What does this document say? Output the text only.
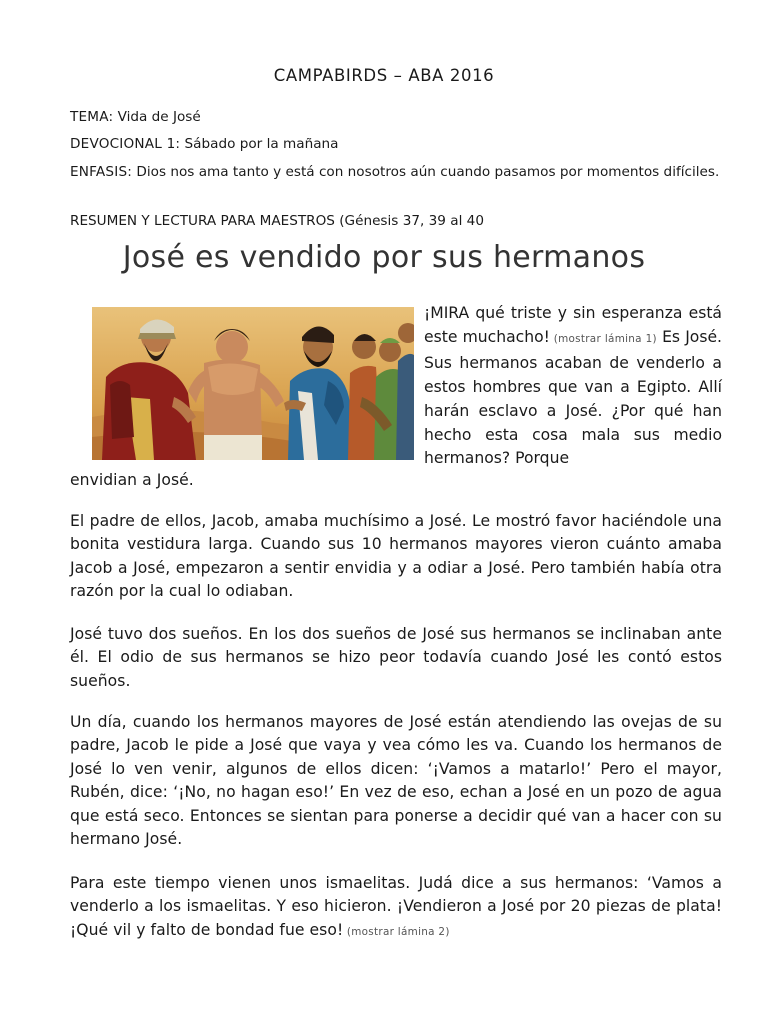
CAMPABIRDS – ABA 2016
TEMA: Vida de José
DEVOCIONAL 1: Sábado por la mañana
ENFASIS: Dios nos ama tanto y está con nosotros aún cuando pasamos por momentos difíciles.
RESUMEN Y LECTURA PARA MAESTROS (Génesis 37, 39 al 40
José es vendido por sus hermanos
¡MIRA qué triste y sin esperanza está este muchacho! (mostrar lámina 1) Es José. Sus hermanos acaban de venderlo a estos hombres que van a Egipto. Allí harán esclavo a José. ¿Por qué han hecho esta cosa mala sus medio hermanos? Porque
envidian a José.
El padre de ellos, Jacob, amaba muchísimo a José. Le mostró favor haciéndole una bonita vestidura larga. Cuando sus 10 hermanos mayores vieron cuánto amaba Jacob a José, empezaron a sentir envidia y a odiar a José. Pero también había otra razón por la cual lo odiaban.
José tuvo dos sueños. En los dos sueños de José sus hermanos se inclinaban ante él. El odio de sus hermanos se hizo peor todavía cuando José les contó estos sueños.
Un día, cuando los hermanos mayores de José están atendiendo las ovejas de su padre, Jacob le pide a José que vaya y vea cómo les va. Cuando los hermanos de José lo ven venir, algunos de ellos dicen: ‘¡Vamos a matarlo!’ Pero el mayor, Rubén, dice: ‘¡No, no hagan eso!’ En vez de eso, echan a José en un pozo de agua que está seco. Entonces se sientan para ponerse a decidir qué van a hacer con su hermano José.
Para este tiempo vienen unos ismaelitas. Judá dice a sus hermanos: ‘Vamos a venderlo a los ismaelitas. Y eso hicieron. ¡Vendieron a José por 20 piezas de plata! ¡Qué vil y falto de bondad fue eso! (mostrar lámina 2)
